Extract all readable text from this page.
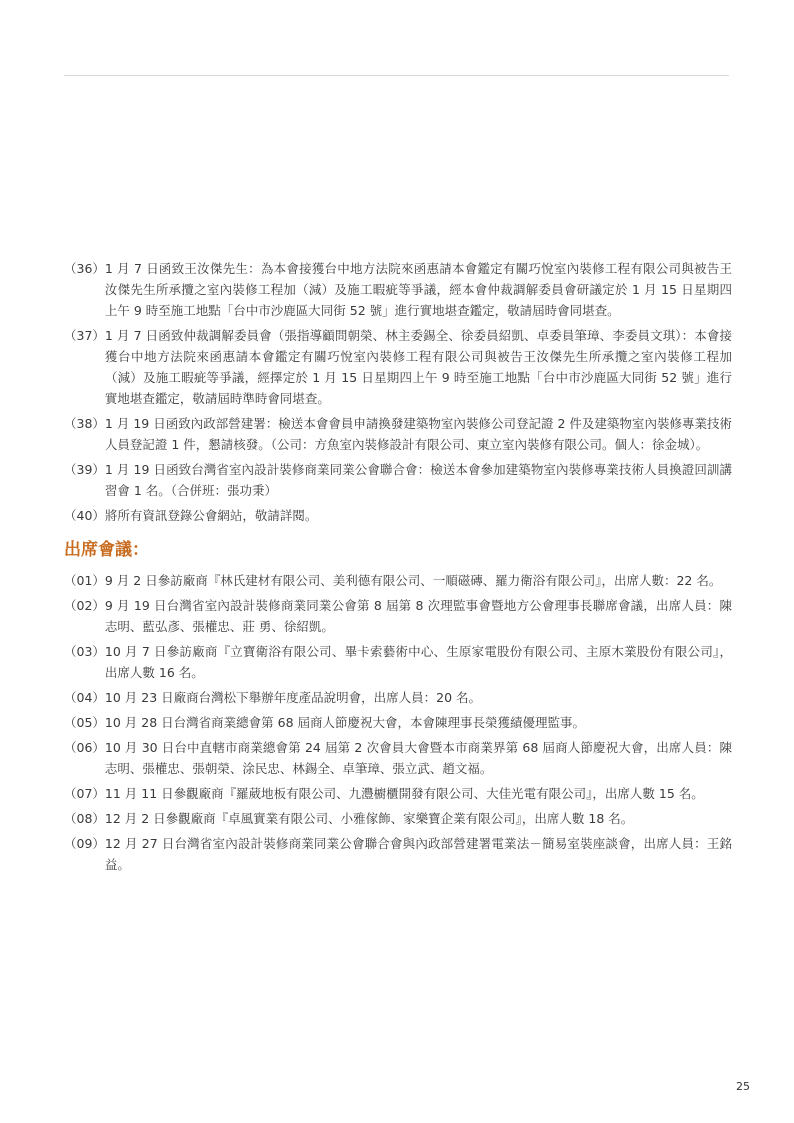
（36） 1 月 7 日函致王汝傑先生：為本會接獲台中地方法院來函惠請本會鑑定有關巧悅室內裝修工程有限公司與被告王汝傑先生所承攬之室內裝修工程加（減）及施工暇疵等爭議，經本會仲裁調解委員會研議定於 1 月 15 日星期四上午 9 時至施工地點「台中市沙鹿區大同街 52 號」進行實地堪查鑑定，敬請屆時會同堪查。
（37） 1 月 7 日函致仲裁調解委員會（張指導顧問朝榮、林主委錫全、徐委員紹凱、卓委員筆璋、李委員文琪）：本會接獲台中地方法院來函惠請本會鑑定有關巧悅室內裝修工程有限公司與被告王汝傑先生所承攬之室內裝修工程加（減）及施工暇疵等爭議，經擇定於 1 月 15 日星期四上午 9 時至施工地點「台中市沙鹿區大同街 52 號」進行實地堪查鑑定，敬請屆時準時會同堪查。
（38） 1 月 19 日函致內政部營建署：檢送本會會員申請換發建築物室內裝修公司登記證 2 件及建築物室內裝修專業技術人員登記證 1 件，懇請核發。（公司：方魚室內裝修設計有限公司、東立室內裝修有限公司。個人：徐金城）。
（39） 1 月 19 日函致台灣省室內設計裝修商業同業公會聯合會：檢送本會參加建築物室內裝修專業技術人員換證回訓講習會 1 名。（合併班：張功秉）
（40） 將所有資訊登錄公會網站，敬請詳閱。
出席會議：
（01） 9 月 2 日參訪廠商『林氏建材有限公司、美利德有限公司、一順磁磚、羅力衛浴有限公司』，出席人數：22 名。
（02） 9 月 19 日台灣省室內設計裝修商業同業公會第 8 屆第 8 次理監事會暨地方公會理事長聯席會議，出席人員：陳志明、藍弘彥、張權忠、莊 勇、徐紹凱。
（03） 10 月 7 日參訪廠商『立寶衛浴有限公司、畢卡索藝術中心、生原家電股份有限公司、主原木業股份有限公司』，出席人數 16 名。
（04） 10 月 23 日廠商台灣松下舉辦年度產品說明會，出席人員：20 名。
（05） 10 月 28 日台灣省商業總會第 68 屆商人節慶祝大會，本會陳理事長榮獲績優理監事。
（06） 10 月 30 日台中直轄市商業總會第 24 屆第 2 次會員大會暨本市商業界第 68 屆商人節慶祝大會，出席人員：陳志明、張權忠、張朝榮、涂民忠、林錫全、卓筆璋、張立武、趙文福。
（07） 11 月 11 日參觀廠商『羅葳地板有限公司、九灃櫥櫃開發有限公司、大佳光電有限公司』，出席人數 15 名。
（08） 12 月 2 日參觀廠商『卓風實業有限公司、小雅傢飾、家樂寶企業有限公司』，出席人數 18 名。
（09） 12 月 27 日台灣省室內設計裝修商業同業公會聯合會與內政部營建署電業法－簡易室裝座談會，出席人員：王銘益。
25
